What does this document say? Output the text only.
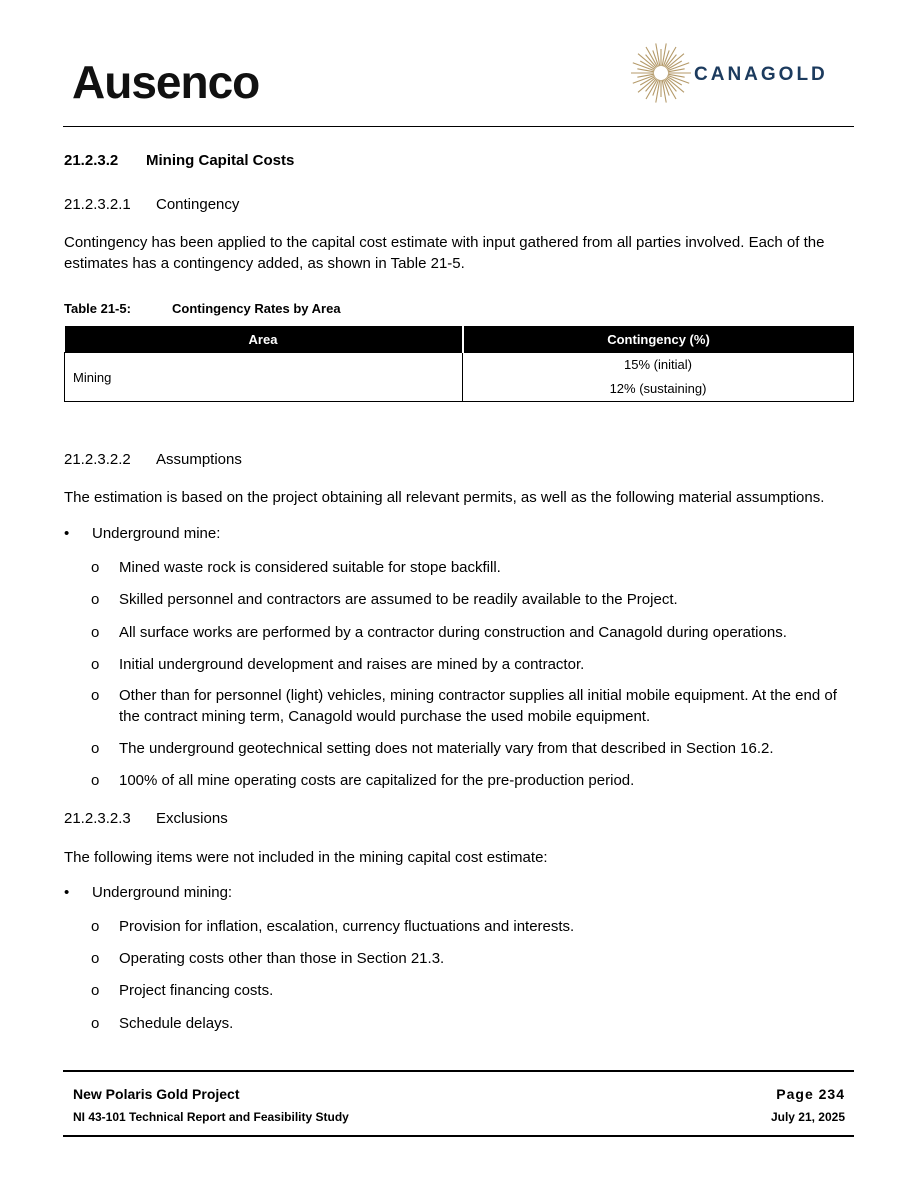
Ausenco	CANAGOLD
21.2.3.2 Mining Capital Costs
21.2.3.2.1 Contingency
Contingency has been applied to the capital cost estimate with input gathered from all parties involved. Each of the estimates has a contingency added, as shown in Table 21-5.
Table 21-5:	Contingency Rates by Area
Area	Contingency (%)
Mining	15% (initial)
12% (sustaining)
21.2.3.2.2 Assumptions
The estimation is based on the project obtaining all relevant permits, as well as the following material assumptions.
• Underground mine:
o	Mined waste rock is considered suitable for stope backfill.
o	Skilled personnel and contractors are assumed to be readily available to the Project.
o	All surface works are performed by a contractor during construction and Canagold during operations.
o	Initial underground development and raises are mined by a contractor.
o	Other than for personnel (light) vehicles, mining contractor supplies all initial mobile equipment. At the end of the contract mining term, Canagold would purchase the used mobile equipment.
o	The underground geotechnical setting does not materially vary from that described in Section 16.2.
o	100% of all mine operating costs are capitalized for the pre-production period.
21.2.3.2.3 Exclusions
The following items were not included in the mining capital cost estimate:
• Underground mining:
o	Provision for inflation, escalation, currency fluctuations and interests.
o	Operating costs other than those in Section 21.3.
o	Project financing costs.
o	Schedule delays.
New Polaris Gold Project
NI 43-101 Technical Report and Feasibility Study
Page 234
July 21, 2025
